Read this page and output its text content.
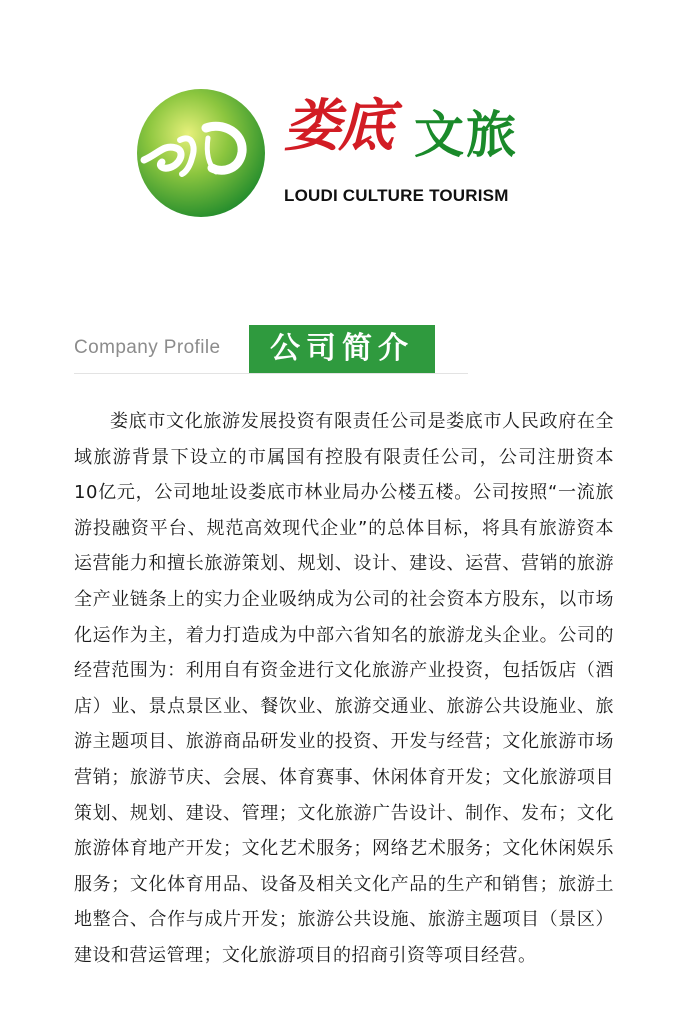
娄底 文旅
LOUDI CULTURE TOURISM
Company Profile	公司简介

娄底市文化旅游发展投资有限责任公司是娄底市人民政府在全域旅游背景下设立的市属国有控股有限责任公司，公司注册资本10亿元，公司地址设娄底市林业局办公楼五楼。公司按照“一流旅游投融资平台、规范高效现代企业”的总体目标，将具有旅游资本运营能力和擅长旅游策划、规划、设计、建设、运营、营销的旅游全产业链条上的实力企业吸纳成为公司的社会资本方股东，以市场化运作为主，着力打造成为中部六省知名的旅游龙头企业。公司的经营范围为：利用自有资金进行文化旅游产业投资，包括饭店（酒店）业、景点景区业、餐饮业、旅游交通业、旅游公共设施业、旅游主题项目、旅游商品研发业的投资、开发与经营；文化旅游市场营销；旅游节庆、会展、体育赛事、休闲体育开发；文化旅游项目策划、规划、建设、管理；文化旅游广告设计、制作、发布；文化旅游体育地产开发；文化艺术服务；网络艺术服务；文化休闲娱乐服务；文化体育用品、设备及相关文化产品的生产和销售；旅游土地整合、合作与成片开发；旅游公共设施、旅游主题项目（景区）建设和营运管理；文化旅游项目的招商引资等项目经营。
